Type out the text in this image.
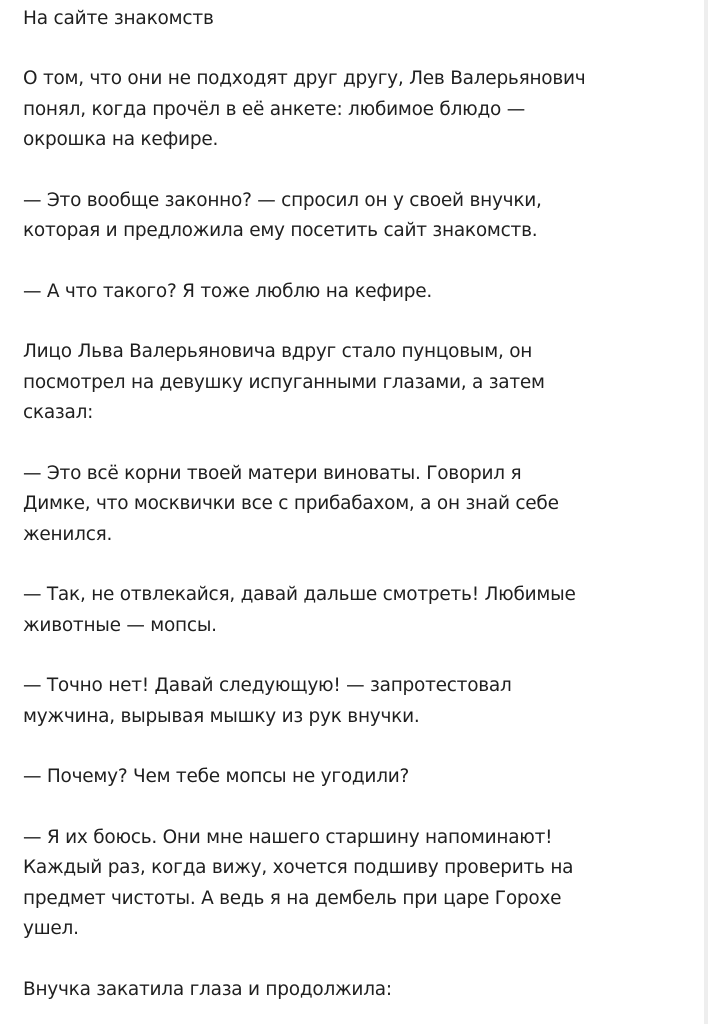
На сайте знакомств

О том, что они не подходят друг другу, Лев Валерьянович
понял, когда прочёл в её анкете: любимое блюдо —
окрошка на кефире.

— Это вообще законно? — спросил он у своей внучки,
которая и предложила ему посетить сайт знакомств.

— А что такого? Я тоже люблю на кефире.

Лицо Льва Валерьяновича вдруг стало пунцовым, он
посмотрел на девушку испуганными глазами, а затем
сказал:

— Это всё корни твоей матери виноваты. Говорил я
Димке, что москвички все с прибабахом, а он знай себе
женился.

— Так, не отвлекайся, давай дальше смотреть! Любимые
животные — мопсы.

— Точно нет! Давай следующую! — запротестовал
мужчина, вырывая мышку из рук внучки.

— Почему? Чем тебе мопсы не угодили?

— Я их боюсь. Они мне нашего старшину напоминают!
Каждый раз, когда вижу, хочется подшиву проверить на
предмет чистоты. А ведь я на дембель при царе Горохе
ушел.

Внучка закатила глаза и продолжила:
